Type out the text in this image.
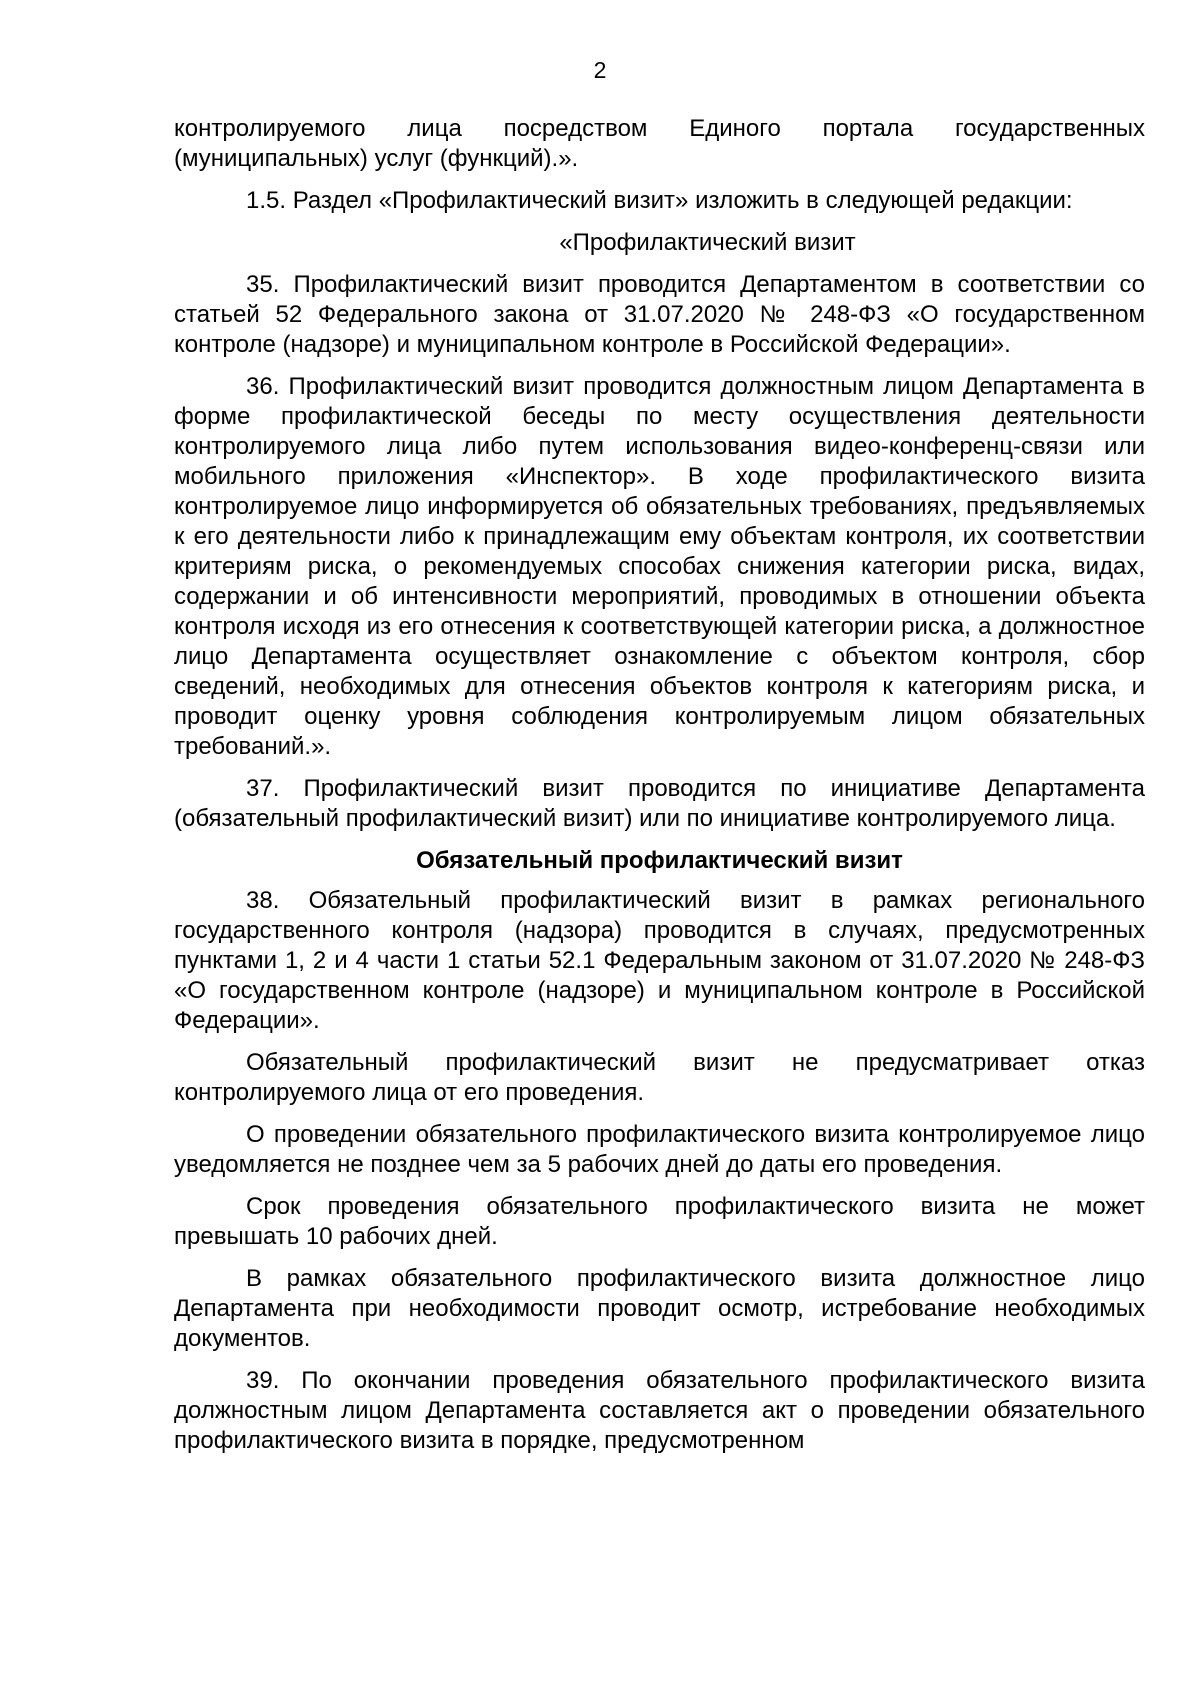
2

контролируемого лица посредством Единого портала государственных (муниципальных) услуг (функций).».

1.5. Раздел «Профилактический визит» изложить в следующей редакции:

«Профилактический визит

35. Профилактический визит проводится Департаментом в соответствии со статьей 52 Федерального закона от 31.07.2020 № 248-ФЗ «О государственном контроле (надзоре) и муниципальном контроле в Российской Федерации».

36. Профилактический визит проводится должностным лицом Департамента в форме профилактической беседы по месту осуществления деятельности контролируемого лица либо путем использования видео-конференц-связи или мобильного приложения «Инспектор». В ходе профилактического визита контролируемое лицо информируется об обязательных требованиях, предъявляемых к его деятельности либо к принадлежащим ему объектам контроля, их соответствии критериям риска, о рекомендуемых способах снижения категории риска, видах, содержании и об интенсивности мероприятий, проводимых в отношении объекта контроля исходя из его отнесения к соответствующей категории риска, а должностное лицо Департамента осуществляет ознакомление с объектом контроля, сбор сведений, необходимых для отнесения объектов контроля к категориям риска, и проводит оценку уровня соблюдения контролируемым лицом обязательных требований.».

37. Профилактический визит проводится по инициативе Департамента (обязательный профилактический визит) или по инициативе контролируемого лица.

Обязательный профилактический визит

38. Обязательный профилактический визит в рамках регионального государственного контроля (надзора) проводится в случаях, предусмотренных пунктами 1, 2 и 4 части 1 статьи 52.1 Федеральным законом от 31.07.2020 № 248-ФЗ «О государственном контроле (надзоре) и муниципальном контроле в Российской Федерации».

Обязательный профилактический визит не предусматривает отказ контролируемого лица от его проведения.

О проведении обязательного профилактического визита контролируемое лицо уведомляется не позднее чем за 5 рабочих дней до даты его проведения.

Срок проведения обязательного профилактического визита не может превышать 10 рабочих дней.

В рамках обязательного профилактического визита должностное лицо Департамента при необходимости проводит осмотр, истребование необходимых документов.

39. По окончании проведения обязательного профилактического визита должностным лицом Департамента составляется акт о проведении обязательного профилактического визита в порядке, предусмотренном
